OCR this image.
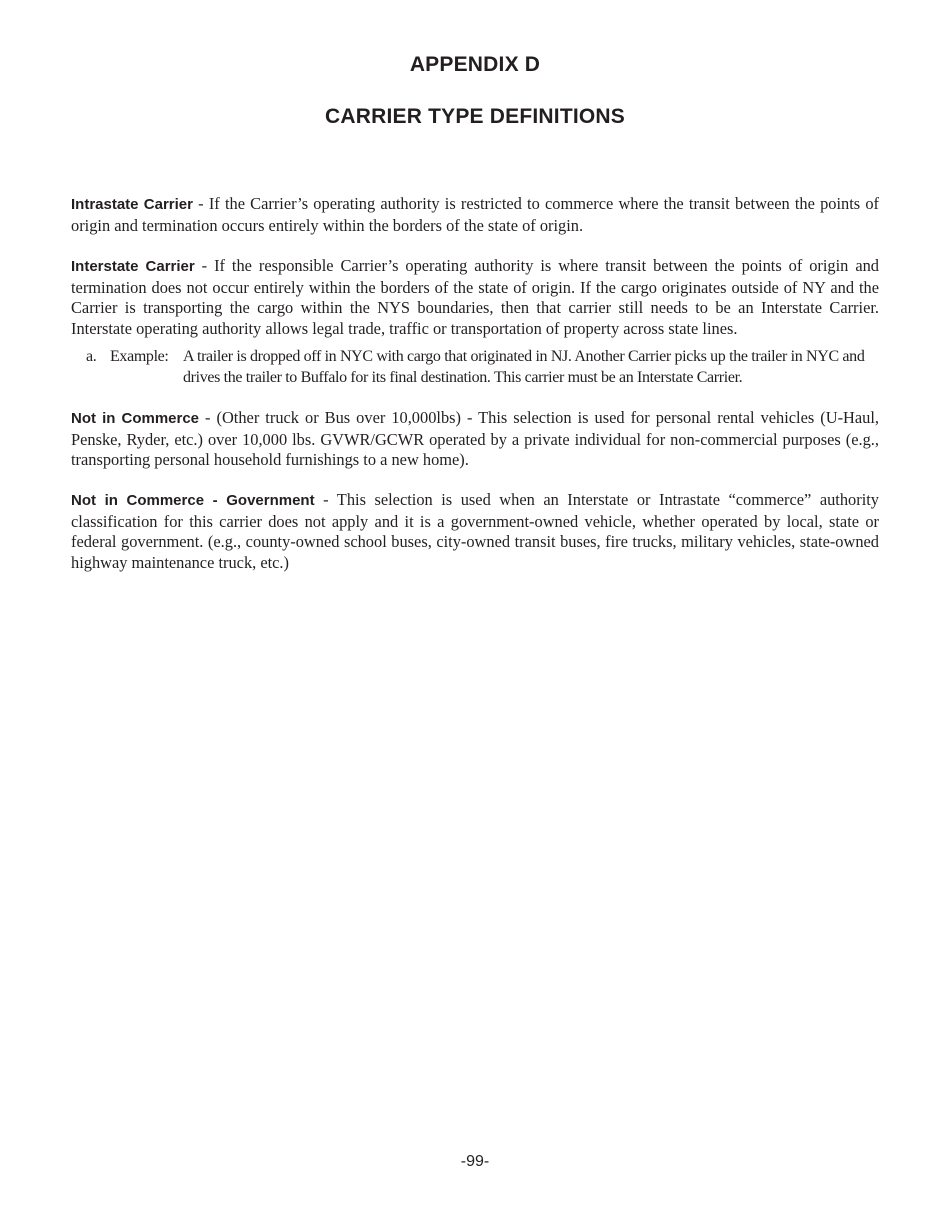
APPENDIX D
CARRIER TYPE DEFINITIONS

Intrastate Carrier - If the Carrier’s operating authority is restricted to commerce where the transit between the points of origin and termination occurs entirely within the borders of the state of origin.

Interstate Carrier - If the responsible Carrier’s operating authority is where transit between the points of origin and termination does not occur entirely within the borders of the state of origin. If the cargo originates outside of NY and the Carrier is transporting the cargo within the NYS boundaries, then that carrier still needs to be an Interstate Carrier. Interstate operating authority allows legal trade, traffic or transportation of property across state lines.

a. Example: A trailer is dropped off in NYC with cargo that originated in NJ. Another Carrier picks up the trailer in NYC and drives the trailer to Buffalo for its final destination. This carrier must be an Interstate Carrier.

Not in Commerce - (Other truck or Bus over 10,000lbs) - This selection is used for personal rental vehicles (U-Haul, Penske, Ryder, etc.) over 10,000 lbs. GVWR/GCWR operated by a private individual for non-commercial purposes (e.g., transporting personal household furnishings to a new home).

Not in Commerce - Government - This selection is used when an Interstate or Intrastate “commerce” authority classification for this carrier does not apply and it is a government-owned vehicle, whether operated by local, state or federal government. (e.g., county-owned school buses, city-owned transit buses, fire trucks, military vehicles, state-owned highway maintenance truck, etc.)

-99-
